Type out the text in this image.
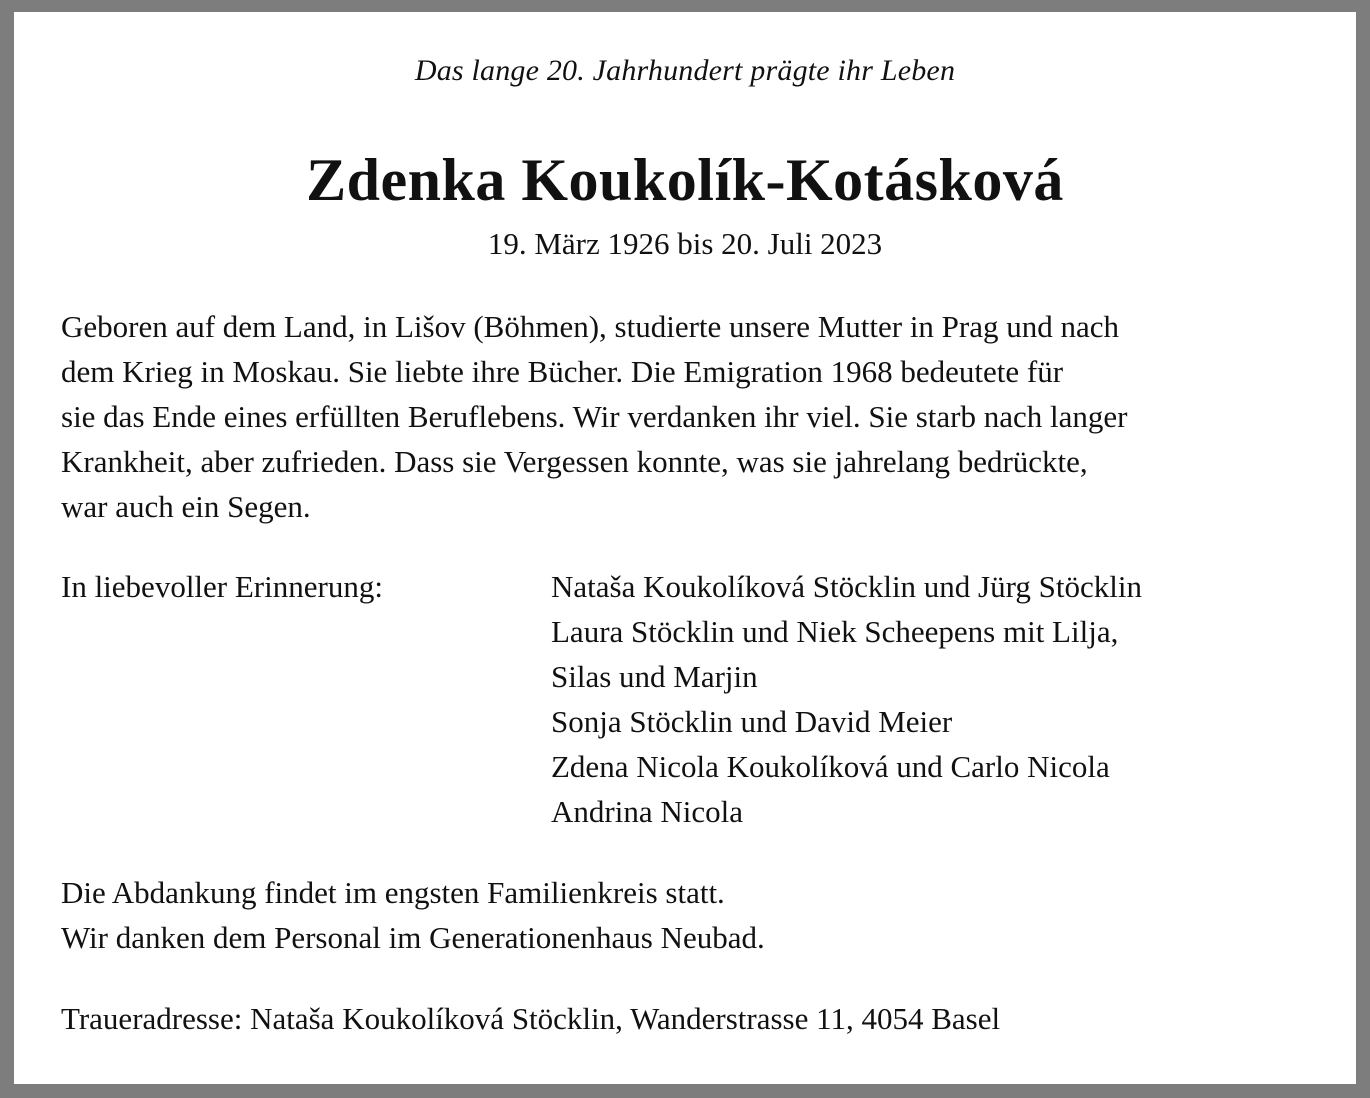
Das lange 20. Jahrhundert prägte ihr Leben
Zdenka Koukolík-Kotásková
19. März 1926 bis 20. Juli 2023
Geboren auf dem Land, in Lišov (Böhmen), studierte unsere Mutter in Prag und nach
dem Krieg in Moskau. Sie liebte ihre Bücher. Die Emigration 1968 bedeutete für
sie das Ende eines erfüllten Beruflebens. Wir verdanken ihr viel. Sie starb nach langer
Krankheit, aber zufrieden. Dass sie Vergessen konnte, was sie jahrelang bedrückte,
war auch ein Segen.
In liebevoller Erinnerung:	Nataša Koukolíková Stöcklin und Jürg Stöcklin
Laura Stöcklin und Niek Scheepens mit Lilja,
Silas und Marjin
Sonja Stöcklin und David Meier
Zdena Nicola Koukolíková und Carlo Nicola
Andrina Nicola
Die Abdankung findet im engsten Familienkreis statt.
Wir danken dem Personal im Generationenhaus Neubad.
Traueradresse: Nataša Koukolíková Stöcklin, Wanderstrasse 11, 4054 Basel
